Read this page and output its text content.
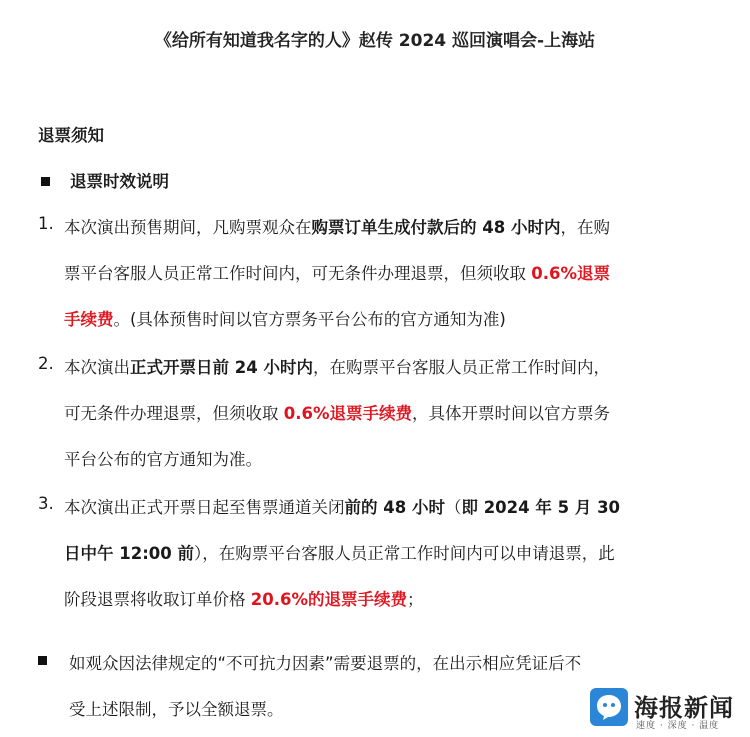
《给所有知道我名字的人》赵传 2024 巡回演唱会-上海站
退票须知
退票时效说明
1. 本次演出预售期间，凡购票观众在购票订单生成付款后的 48 小时内，在购
票平台客服人员正常工作时间内，可无条件办理退票，但须收取 0.6%退票
手续费。(具体预售时间以官方票务平台公布的官方通知为准)
2. 本次演出正式开票日前 24 小时内，在购票平台客服人员正常工作时间内，
可无条件办理退票，但须收取 0.6%退票手续费，具体开票时间以官方票务
平台公布的官方通知为准。
3. 本次演出正式开票日起至售票通道关闭前的 48 小时（即 2024 年 5 月 30
日中午 12:00 前），在购票平台客服人员正常工作时间内可以申请退票，此
阶段退票将收取订单价格 20.6%的退票手续费；
如观众因法律规定的“不可抗力因素”需要退票的，在出示相应凭证后不
受上述限制，予以全额退票。	海报新闻
速度 · 深度 · 温度
